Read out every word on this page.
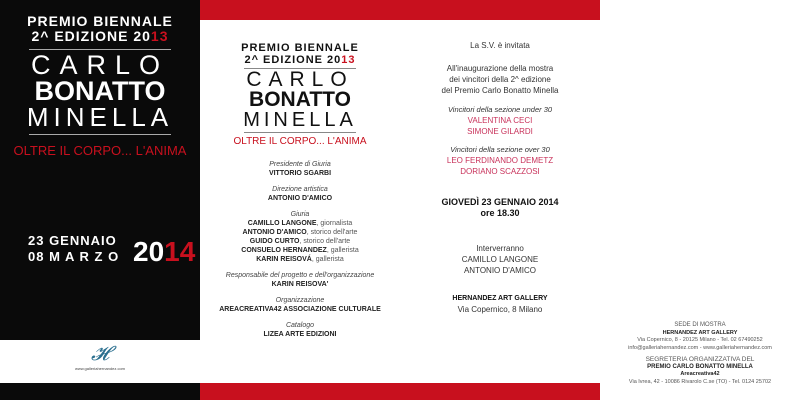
PREMIO BIENNALE
2^ EDIZIONE 2013
CARLO
BONATTO
MINELLA
OLTRE IL CORPO... L'ANIMA
23 GENNAIO
08 M A R Z O 2014
𝓗
www.galleriahernandez.com
PREMIO BIENNALE
2^ EDIZIONE 2013
CARLO
BONATTO
MINELLA
OLTRE IL CORPO... L'ANIMA
Presidente di Giuria
VITTORIO SGARBI
Direzione artistica
ANTONIO D'AMICO
Giuria
CAMILLO LANGONE, giornalista
ANTONIO D'AMICO, storico dell'arte
GUIDO CURTO, storico dell'arte
CONSUELO HERNANDEZ, gallerista
KARIN REISOVÁ, gallerista
Responsabile del progetto e dell'organizzazione
KARIN REISOVA'
Organizzazione
AREACREATIVA42 ASSOCIAZIONE CULTURALE
Catalogo
LIZEA ARTE EDIZIONI
La S.V. è invitata
All'inaugurazione della mostra
dei vincitori della 2^ edizione
del Premio Carlo Bonatto Minella
Vincitori della sezione under 30
VALENTINA CECI
SIMONE GILARDI
Vincitori della sezione over 30
LEO FERDINANDO DEMETZ
DORIANO SCAZZOSI
GIOVEDÌ 23 GENNAIO 2014
ore 18.30
Interverranno
CAMILLO LANGONE
ANTONIO D'AMICO
HERNANDEZ ART GALLERY
Via Copernico, 8 Milano
SEDE DI MOSTRA
HERNANDEZ ART GALLERY
Via Copernico, 8 - 20125 Milano - Tel. 02 67490252
info@galleriahernandez.com - www.galleriahernandez.com
SEGRETERIA ORGANIZZATIVA DEL
PREMIO CARLO BONATTO MINELLA
Areacreativa42
Via Ivrea, 42 - 10086 Rivarolo C.se (TO) - Tel. 0124 25702
